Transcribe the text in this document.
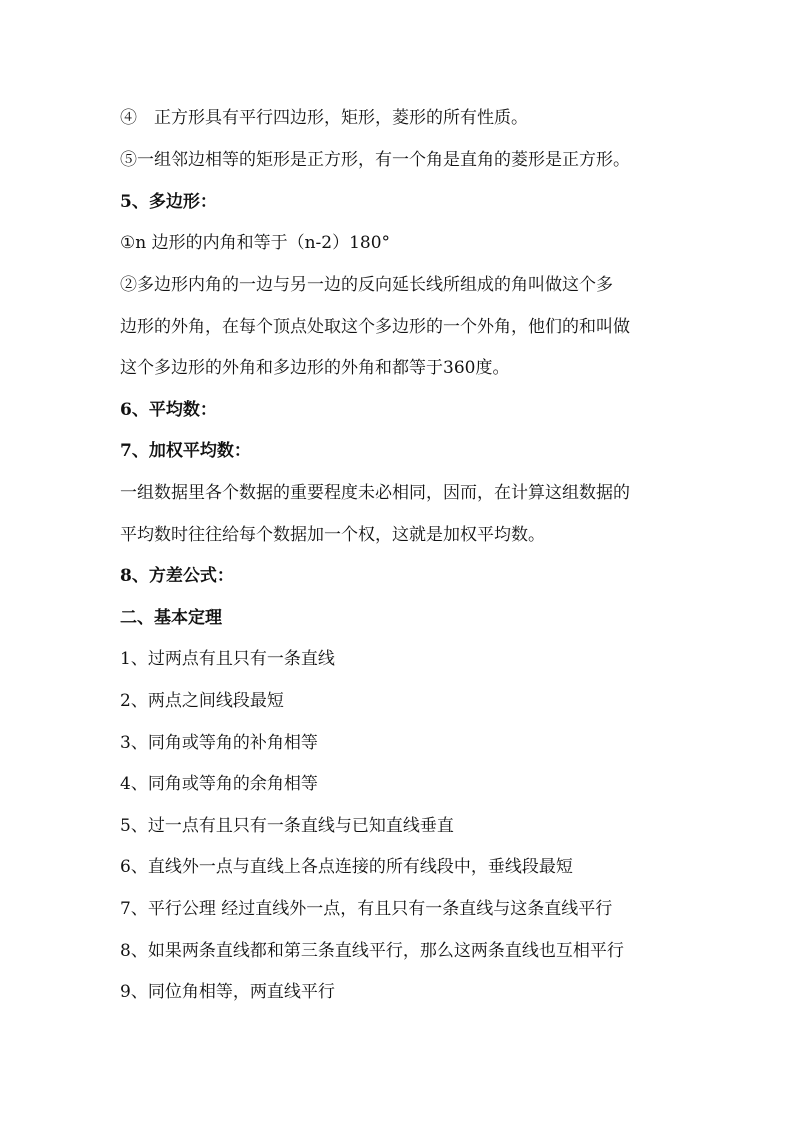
④　正方形具有平行四边形，矩形，菱形的所有性质。
⑤一组邻边相等的矩形是正方形，有一个角是直角的菱形是正方形。
5、多边形：
①n 边形的内角和等于（n-2）180°
②多边形内角的一边与另一边的反向延长线所组成的角叫做这个多
边形的外角，在每个顶点处取这个多边形的一个外角，他们的和叫做
这个多边形的外角和多边形的外角和都等于360度。
6、平均数：
7、加权平均数：
一组数据里各个数据的重要程度未必相同，因而，在计算这组数据的
平均数时往往给每个数据加一个权，这就是加权平均数。
8、方差公式：
二、基本定理
1、过两点有且只有一条直线
2、两点之间线段最短
3、同角或等角的补角相等
4、同角或等角的余角相等
5、过一点有且只有一条直线与已知直线垂直
6、直线外一点与直线上各点连接的所有线段中，垂线段最短
7、平行公理 经过直线外一点，有且只有一条直线与这条直线平行
8、如果两条直线都和第三条直线平行，那么这两条直线也互相平行
9、同位角相等，两直线平行
